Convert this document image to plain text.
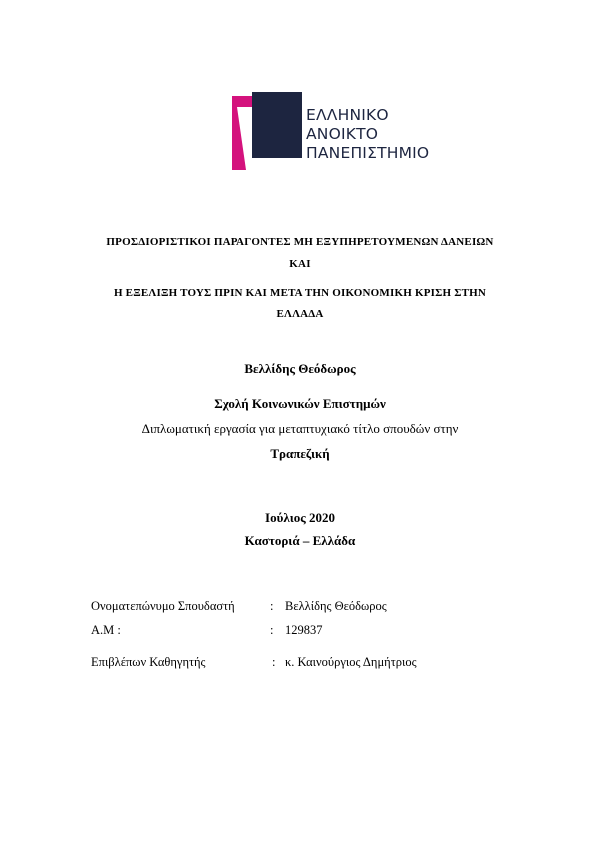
ΕΛΛΗΝΙΚΟ
ΑΝΟΙΚΤΟ
ΠΑΝΕΠΙΣΤΗΜΙΟ
ΠΡΟΣΔΙΟΡΙΣΤΙΚΟΙ ΠΑΡΑΓΟΝΤΕΣ ΜΗ ΕΞΥΠΗΡΕΤΟΥΜΕΝΩΝ ΔΑΝΕΙΩΝ
ΚΑΙ
Η ΕΞΕΛΙΞΗ ΤΟΥΣ ΠΡΙΝ ΚΑΙ ΜΕΤΑ ΤΗΝ ΟΙΚΟΝΟΜΙΚΗ ΚΡΙΣΗ ΣΤΗΝ
ΕΛΛΑΔΑ
Βελλίδης Θεόδωρος
Σχολή Κοινωνικών Επιστημών
Διπλωματική εργασία για μεταπτυχιακό τίτλο σπουδών στην
Τραπεζική
Ιούλιος 2020
Καστοριά – Ελλάδα
Ονοματεπώνυμο Σπουδαστή	: Βελλίδης Θεόδωρος
Α.Μ :	: 129837
Επιβλέπων Καθηγητής	: κ. Καινούργιος Δημήτριος
